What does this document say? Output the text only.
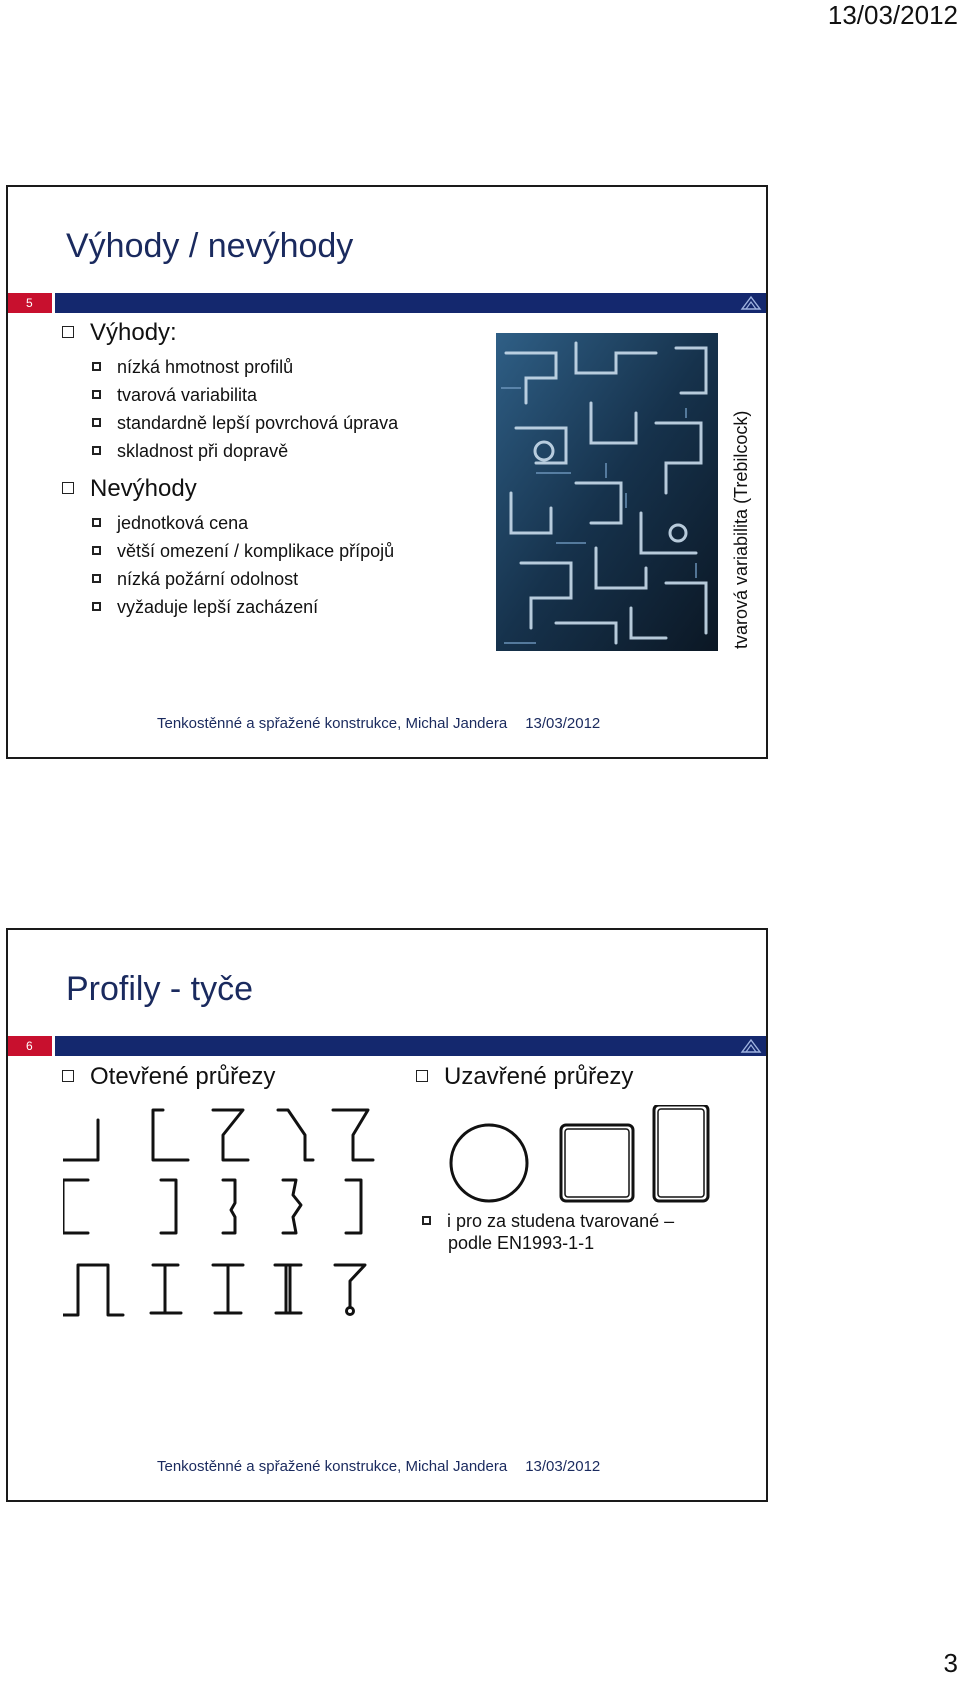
13/03/2012
Výhody / nevýhody
5
Výhody:
nízká hmotnost profilů
tvarová variabilita
standardně lepší povrchová úprava
skladnost při dopravě
Nevýhody
jednotková cena
větší omezení / komplikace přípojů
nízká požární odolnost
vyžaduje lepší zacházení	tvarová variabilita (Trebilcock)
Tenkostěnné a spřažené konstrukce, Michal Jandera 13/03/2012
Profily - tyče
6
Otevřené průřezy	Uzavřené průřezy
i pro za studena tvarované –
podle EN1993-1-1
Tenkostěnné a spřažené konstrukce, Michal Jandera 13/03/2012
3
